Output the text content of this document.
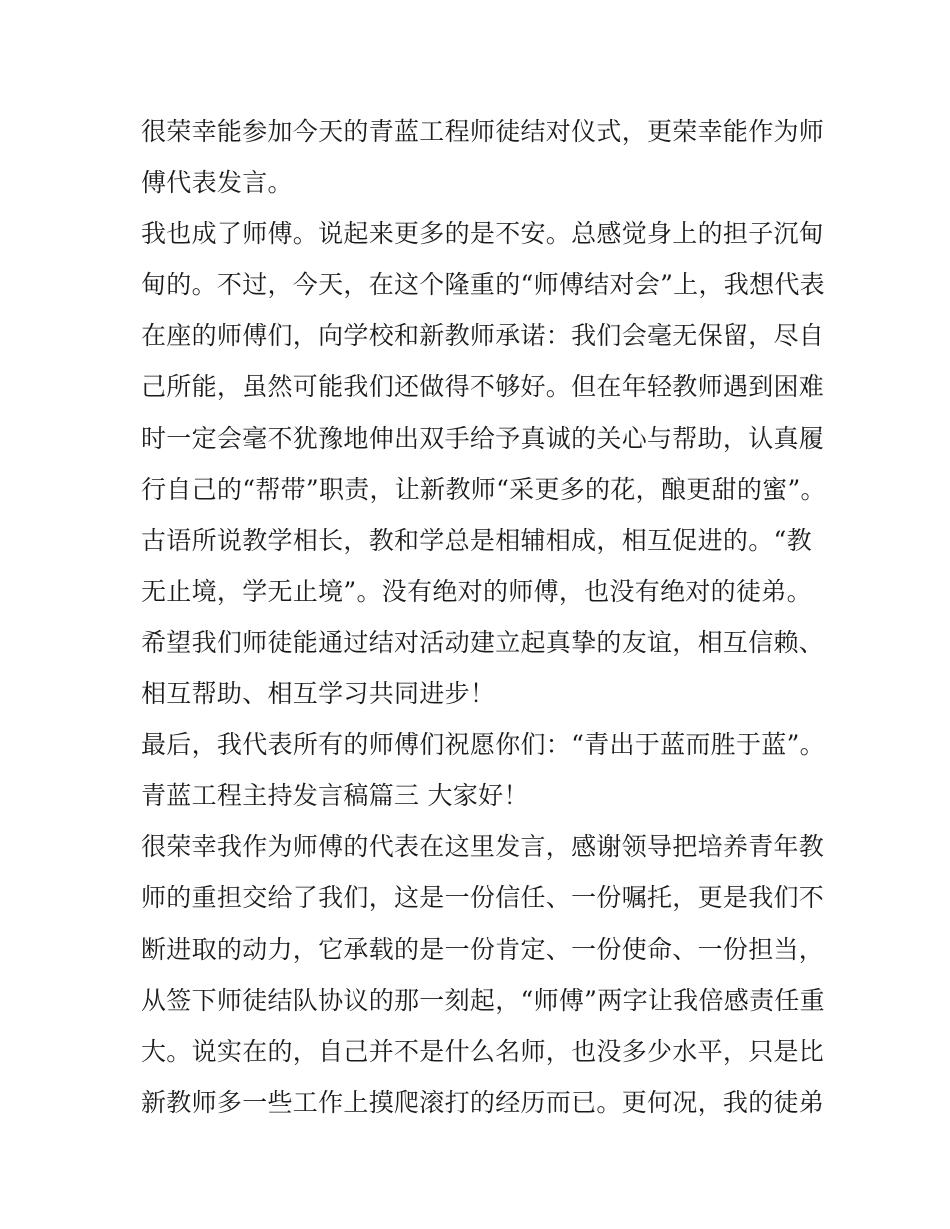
很荣幸能参加今天的青蓝工程师徒结对仪式，更荣幸能作为师
傅代表发言。
我也成了师傅。说起来更多的是不安。总感觉身上的担子沉甸
甸的。不过，今天，在这个隆重的“师傅结对会”上，我想代表
在座的师傅们，向学校和新教师承诺：我们会毫无保留，尽自
己所能，虽然可能我们还做得不够好。但在年轻教师遇到困难
时一定会毫不犹豫地伸出双手给予真诚的关心与帮助，认真履
行自己的“帮带”职责，让新教师“采更多的花，酿更甜的蜜”。
古语所说教学相长，教和学总是相辅相成，相互促进的。“教
无止境，学无止境”。没有绝对的师傅，也没有绝对的徒弟。
希望我们师徒能通过结对活动建立起真挚的友谊，相互信赖、
相互帮助、相互学习共同进步！
最后，我代表所有的师傅们祝愿你们：“青出于蓝而胜于蓝”。
青蓝工程主持发言稿篇三 大家好！
很荣幸我作为师傅的代表在这里发言，感谢领导把培养青年教
师的重担交给了我们，这是一份信任、一份嘱托，更是我们不
断进取的动力，它承载的是一份肯定、一份使命、一份担当，
从签下师徒结队协议的那一刻起，“师傅”两字让我倍感责任重
大。说实在的，自己并不是什么名师，也没多少水平，只是比
新教师多一些工作上摸爬滚打的经历而已。更何况，我的徒弟
